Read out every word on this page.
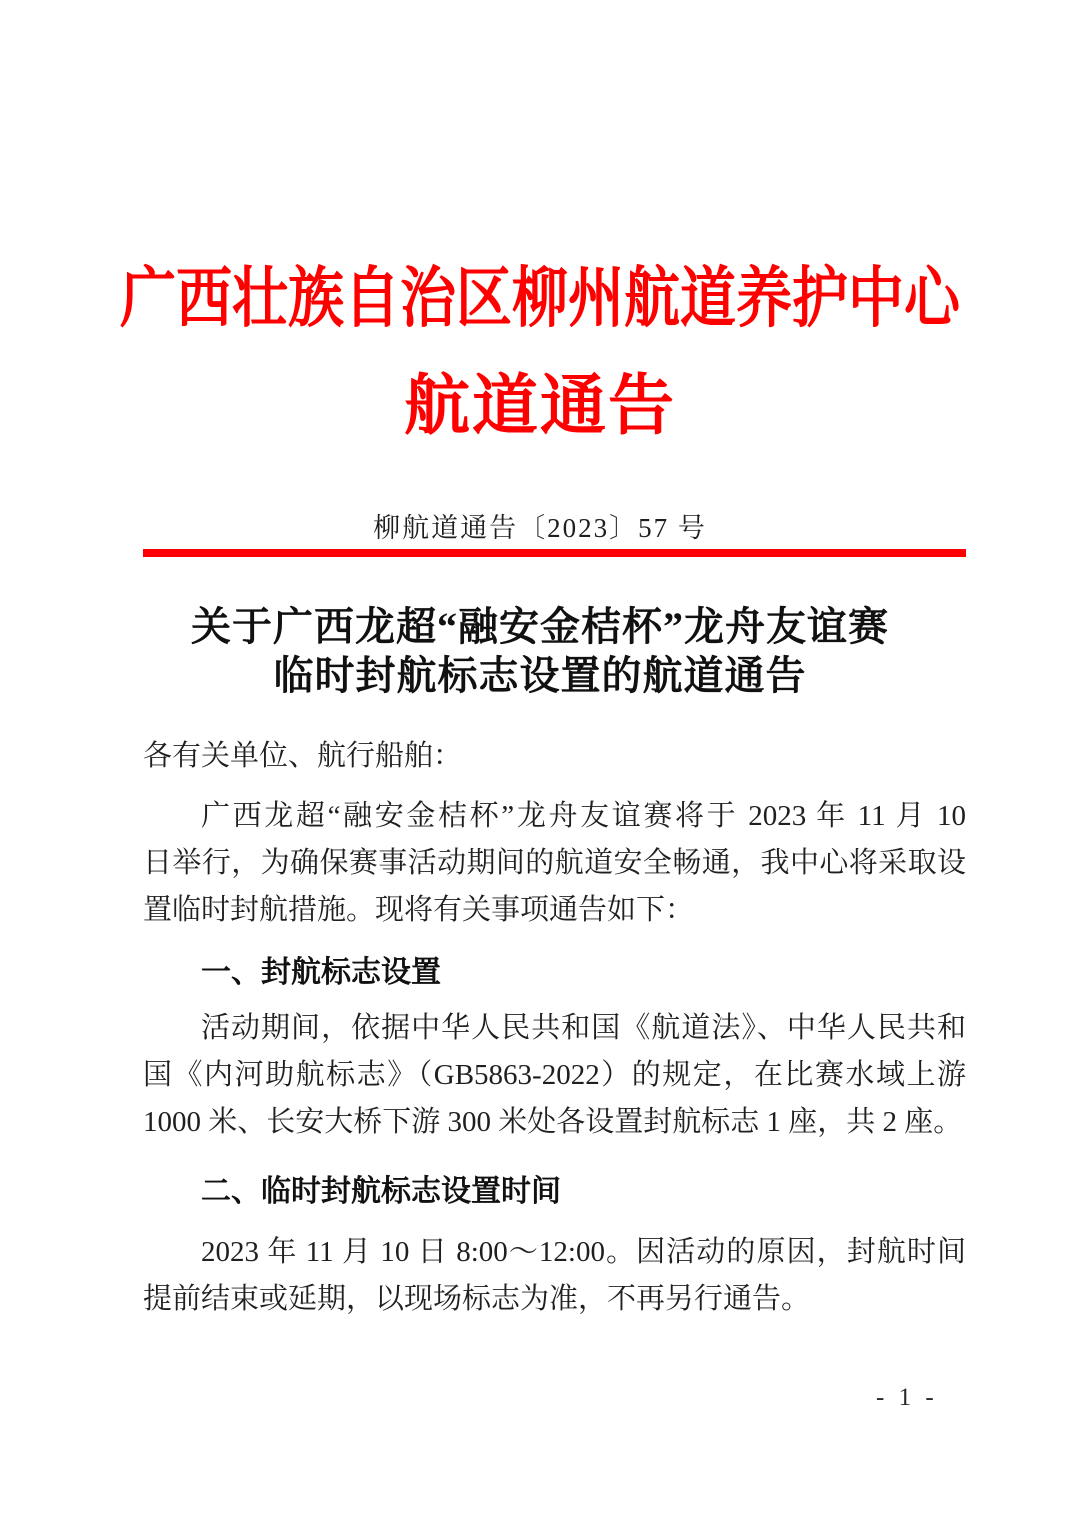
广西壮族自治区柳州航道养护中心
航道通告
柳航道通告〔2023〕57 号
关于广西龙超“融安金桔杯”龙舟友谊赛
临时封航标志设置的航道通告
各有关单位、航行船舶：
广西龙超“融安金桔杯”龙舟友谊赛将于 2023 年 11 月 10
日举行，为确保赛事活动期间的航道安全畅通，我中心将采取设
置临时封航措施。现将有关事项通告如下：
一、封航标志设置
活动期间，依据中华人民共和国《航道法》、中华人民共和
国《内河助航标志》（GB5863-2022）的规定，在比赛水域上游
1000 米、长安大桥下游 300 米处各设置封航标志 1 座，共 2 座。
二、临时封航标志设置时间
2023 年 11 月 10 日 8:00～12:00。因活动的原因，封航时间
提前结束或延期，以现场标志为准，不再另行通告。
- 1 -
